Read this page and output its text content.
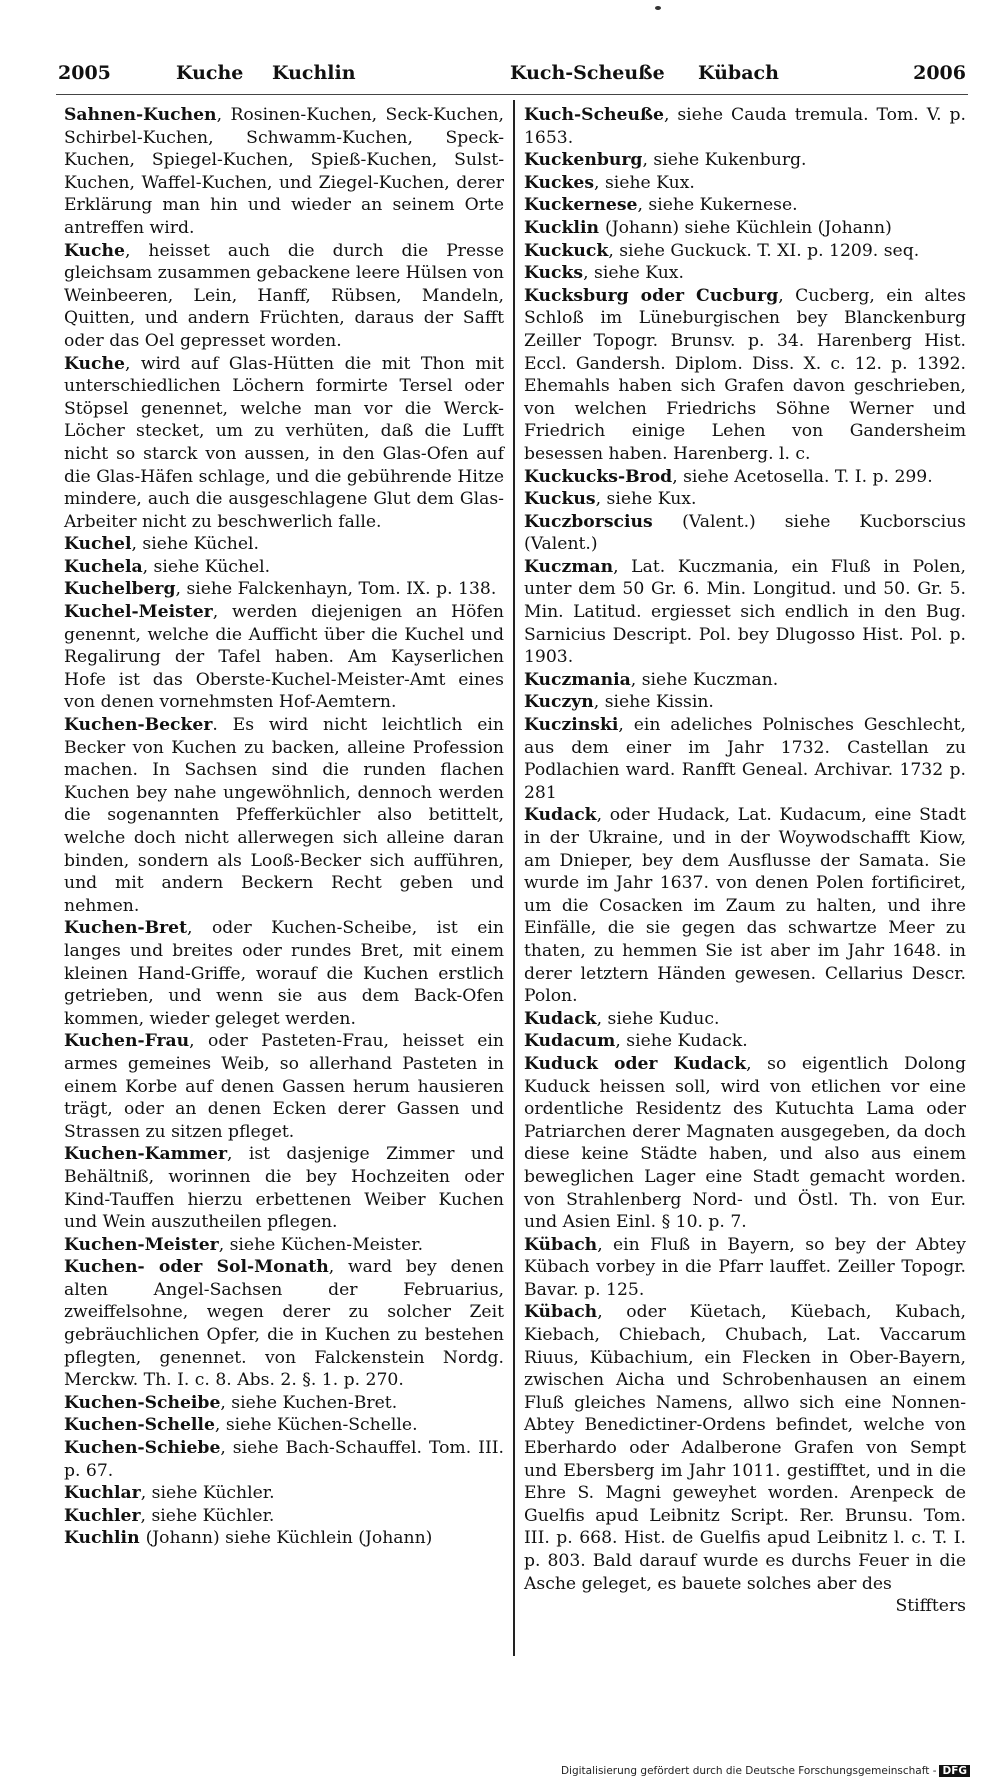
2005	Kuche Kuchlin	Kuch-Scheuße Kübach	2006

Sahnen-Kuchen, Rosinen-Kuchen, Seck-Kuchen, Schirbel-Kuchen, Schwamm-Kuchen, Speck-Kuchen, Spiegel-Kuchen, Spieß-Kuchen, Sulst-Kuchen, Waffel-Kuchen, und Ziegel-Kuchen, derer Erklärung man hin und wieder an seinem Orte antreffen wird.

Kuche, heisset auch die durch die Presse gleichsam zusammen gebackene leere Hülsen von Weinbeeren, Lein, Hanff, Rübsen, Mandeln, Quitten, und andern Früchten, daraus der Safft oder das Oel gepresset worden.

Kuche, wird auf Glas-Hütten die mit Thon mit unterschiedlichen Löchern formirte Tersel oder Stöpsel genennet, welche man vor die Werck-Löcher stecket, um zu verhüten, daß die Lufft nicht so starck von aussen, in den Glas-Ofen auf die Glas-Häfen schlage, und die gebührende Hitze mindere, auch die ausgeschlagene Glut dem Glas-Arbeiter nicht zu beschwerlich falle.

Kuchel, siehe Küchel.

Kuchela, siehe Küchel.

Kuchelberg, siehe Falckenhayn, Tom. IX. p. 138.

Kuchel-Meister, werden diejenigen an Höfen genennt, welche die Aufficht über die Kuchel und Regalirung der Tafel haben. Am Kayserlichen Hofe ist das Oberste-Kuchel-Meister-Amt eines von denen vornehmsten Hof-Aemtern.

Kuchen-Becker. Es wird nicht leichtlich ein Becker von Kuchen zu backen, alleine Profession machen. In Sachsen sind die runden flachen Kuchen bey nahe ungewöhnlich, dennoch werden die sogenannten Pfefferküchler also betittelt, welche doch nicht allerwegen sich alleine daran binden, sondern als Looß-Becker sich aufführen, und mit andern Beckern Recht geben und nehmen.

Kuchen-Bret, oder Kuchen-Scheibe, ist ein langes und breites oder rundes Bret, mit einem kleinen Hand-Griffe, worauf die Kuchen erstlich getrieben, und wenn sie aus dem Back-Ofen kommen, wieder geleget werden.

Kuchen-Frau, oder Pasteten-Frau, heisset ein armes gemeines Weib, so allerhand Pasteten in einem Korbe auf denen Gassen herum hausieren trägt, oder an denen Ecken derer Gassen und Strassen zu sitzen pfleget.

Kuchen-Kammer, ist dasjenige Zimmer und Behältniß, worinnen die bey Hochzeiten oder Kind-Tauffen hierzu erbettenen Weiber Kuchen und Wein auszutheilen pflegen.

Kuchen-Meister, siehe Küchen-Meister.

Kuchen- oder Sol-Monath, ward bey denen alten Angel-Sachsen der Februarius, zweiffelsohne, wegen derer zu solcher Zeit gebräuchlichen Opfer, die in Kuchen zu bestehen pflegten, genennet. von Falckenstein Nordg. Merckw. Th. I. c. 8. Abs. 2. §. 1. p. 270.

Kuchen-Scheibe, siehe Kuchen-Bret.

Kuchen-Schelle, siehe Küchen-Schelle.

Kuchen-Schiebe, siehe Bach-Schauffel. Tom. III. p. 67.

Kuchlar, siehe Küchler.

Kuchler, siehe Küchler.

Kuchlin (Johann) siehe Küchlein (Johann)

Kuch-Scheuße, siehe Cauda tremula. Tom. V. p. 1653.

Kuckenburg, siehe Kukenburg.

Kuckes, siehe Kux.

Kuckernese, siehe Kukernese.

Kucklin (Johann) siehe Küchlein (Johann)

Kuckuck, siehe Guckuck. T. XI. p. 1209. seq.

Kucks, siehe Kux.

Kucksburg oder Cucburg, Cucberg, ein altes Schloß im Lüneburgischen bey Blanckenburg Zeiller Topogr. Brunsv. p. 34. Harenberg Hist. Eccl. Gandersh. Diplom. Diss. X. c. 12. p. 1392. Ehemahls haben sich Grafen davon geschrieben, von welchen Friedrichs Söhne Werner und Friedrich einige Lehen von Gandersheim besessen haben. Harenberg. l. c.

Kuckucks-Brod, siehe Acetosella. T. I. p. 299.

Kuckus, siehe Kux.

Kuczborscius (Valent.) siehe Kucborscius (Valent.)

Kuczman, Lat. Kuczmania, ein Fluß in Polen, unter dem 50 Gr. 6. Min. Longitud. und 50. Gr. 5. Min. Latitud. ergiesset sich endlich in den Bug. Sarnicius Descript. Pol. bey Dlugosso Hist. Pol. p. 1903.

Kuczmania, siehe Kuczman.

Kuczyn, siehe Kissin.

Kuczinski, ein adeliches Polnisches Geschlecht, aus dem einer im Jahr 1732. Castellan zu Podlachien ward. Ranfft Geneal. Archivar. 1732 p. 281

Kudack, oder Hudack, Lat. Kudacum, eine Stadt in der Ukraine, und in der Woywodschafft Kiow, am Dnieper, bey dem Ausflusse der Samata. Sie wurde im Jahr 1637. von denen Polen fortificiret, um die Cosacken im Zaum zu halten, und ihre Einfälle, die sie gegen das schwartze Meer zu thaten, zu hemmen Sie ist aber im Jahr 1648. in derer letztern Händen gewesen. Cellarius Descr. Polon.

Kudack, siehe Kuduc.

Kudacum, siehe Kudack.

Kuduck oder Kudack, so eigentlich Dolong Kuduck heissen soll, wird von etlichen vor eine ordentliche Residentz des Kutuchta Lama oder Patriarchen derer Magnaten ausgegeben, da doch diese keine Städte haben, und also aus einem beweglichen Lager eine Stadt gemacht worden. von Strahlenberg Nord- und Östl. Th. von Eur. und Asien Einl. § 10. p. 7.

Kübach, ein Fluß in Bayern, so bey der Abtey Kübach vorbey in die Pfarr lauffet. Zeiller Topogr. Bavar. p. 125.

Kübach, oder Küetach, Küebach, Kubach, Kiebach, Chiebach, Chubach, Lat. Vaccarum Riuus, Kübachium, ein Flecken in Ober-Bayern, zwischen Aicha und Schrobenhausen an einem Fluß gleiches Namens, allwo sich eine Nonnen-Abtey Benedictiner-Ordens befindet, welche von Eberhardo oder Adalberone Grafen von Sempt und Ebersberg im Jahr 1011. gestifftet, und in die Ehre S. Magni geweyhet worden. Arenpeck de Guelfis apud Leibnitz Script. Rer. Brunsu. Tom. III. p. 668. Hist. de Guelfis apud Leibnitz l. c. T. I. p. 803. Bald darauf wurde es durchs Feuer in die Asche geleget, es bauete solches aber des

Stiffters

Digitalisierung gefördert durch die Deutsche Forschungsgemeinschaft - DFG
